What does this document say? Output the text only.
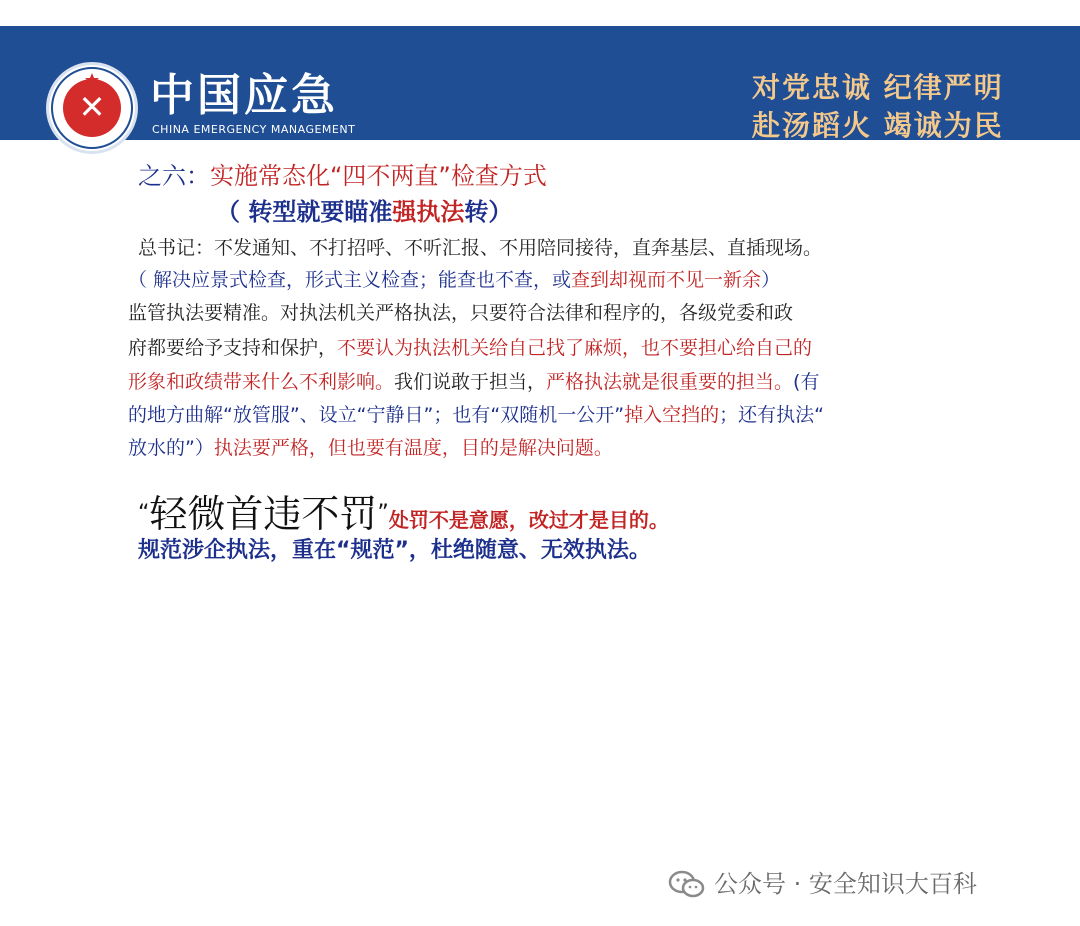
✕	中国应急
CHINA EMERGENCY MANAGEMENT
对党忠诚 纪律严明
赴汤蹈火 竭诚为民
之六：实施常态化“四不两直”检查方式
（ 转型就要瞄准强执法转）
总书记：不发通知、不打招呼、不听汇报、不用陪同接待，直奔基层、直插现场。
（ 解决应景式检查，形式主义检查；能查也不查，或查到却视而不见一新余）
监管执法要精准。对执法机关严格执法，只要符合法律和程序的，各级党委和政
府都要给予支持和保护，不要认为执法机关给自己找了麻烦，也不要担心给自己的
形象和政绩带来什么不利影响。我们说敢于担当，严格执法就是很重要的担当。(有
的地方曲解“放管服”、设立“宁静日”；也有“双随机一公开”掉入空挡的；还有执法“
放水的”）执法要严格，但也要有温度，目的是解决问题。
“轻微首违不罚”处罚不是意愿，改过才是目的。
规范涉企执法，重在“规范”，杜绝随意、无效执法。
公众号 · 安全知识大百科
